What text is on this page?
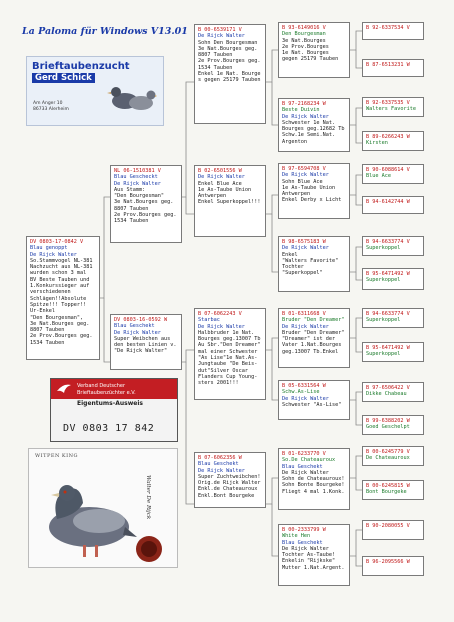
La Paloma für Windows V13.01
Brieftaubenzucht
Gerd Schick
Am Anger 10
86733 Alerheim
DV 0803-17-0842 V
Blau genoppt
De Rijck Walter
So.Stammvogel NL-381
Nachzucht aus NL-381
wurden schon 3 mal
BV Beste Tauben und
1.Konkurssieger auf
verschiedenen
Schlägen!!Absolute
Spitze!!! Topper!!
Ur-Enkel
"Den Bourgesman",
3e Nat.Bourges geg.
8807 Tauben
2e Prov.Bourges geg.
1534 Tauben
NL 06-1510381 V
Blau Gescheckt
De Rijck Walter
Aus Stamm:
"Den Bourgesman"
3e Nat.Bourges geg.
8807 Tauben
2e Prov.Bourges geg.
1534 Tauben
DV 0803-16-0592 W
Blau Geschekt
De Rijck Walter
Super Weibchen aus
den besten Linien v.
"De Rijck Walter"
B 00-6539171 V
De Rijck Walter
Sohn Den Bourgesman
3e Nat.Bourges geg.
8807 Tauben
2e Prov.Bourges geg.
1534 Tauben
Enkel 1e Nat. Bourge
s gegen 25179 Tauben
B 02-6501556 W
De Rijck Walter
Enkel Blue Ace
1e As-Taube Union
Antwerpen
Enkel Superkoppel!!!
B 07-6062243 V
Starbac
De Rijck Walter
Halbbruder 1e Nat.
Bourges geg.13007 Tb
Au Sbr."Den Dreamer"
mal einer Schwester
"As Lise"1e Nat.As-
Jungtaube "De Beis-
dut"Silver Oscar
Flanders Cup Young-
sters 2001!!!
B 07-6062356 W
Blau Geschekt
De Rijck Walter
Super Zuchtweibchen!
Orig.de Rijck Walter
Enkl.de Chateauroux
Enkl.Bont Bourgeke
B 93-6149016 V
Den Bourgesman
3e Nat.Bourges
2e Prov.Bourges
1e Nat. Bourges
gegen 25179 Tauben
B 97-2168234 W
Beste Duivin
De Rijck Walter
Schwester 1e Nat.
Bourges geg.12682 Tb
Schw.1e Semi.Nat.
Argenton
B 97-6594708 V
De Rijck Walter
Sohn Blue Ace
1e As-Taube Union
Antwerpen
Enkel Derby x Licht
B 98-6575183 W
De Rijck Walter
Enkel
"Walters Favorite"
Tochter
"Superkoppel"
B 01-6311668 V
Bruder "Den Dreamer"
De Rijck Walter
Bruder "Den Dreamer"
"Dreamer" ist der
Vater 1.Nat.Bourges
geg.13007 Tb.Enkel
B 05-6331564 W
Schw.As-Lise
De Rijck Walter
Schwester "As-Lise"
B 01-6233770 V
So.De Chateauroux
Blau Geschekt
De Rijck Walter
Sohn de Chateauroux!
Sohn Bonte Bourgeke!
Fliegt 4 mal 1.Konk.
B 00-2333799 W
White Hen
Blau Geschekt
De Rijck Walter
Tochter As-Taube!
Enkelin "Rijkske"
Mutter 1.Nat.Argent.
B 92-6337534 V
B 87-6513231 W
B 92-6337535 V
Walters Favorite
B 89-6266243 W
Kirsten
B 90-6088614 V
Blue Ace
B 94-6142744 W
B 94-6633774 V
Superkoppel
B 95-6471492 W
Superkoppel
B 94-6633774 V
Superkoppel
B 95-6471492 W
Superkoppel
B 97-6506422 V
Dikke Chabeau
B 99-6388202 W
Goed Geschelpt
B 00-6245779 V
De Chateauroux
B 00-6245815 W
Bont Bourgeke
B 90-2080055 V
B 96-2095566 W
Verband Deutscher
Brieftaubenzüchter e.V.
Eigentums-Ausweis
DV 0803 17 842
WITPEN KING
Walter De Rijck
